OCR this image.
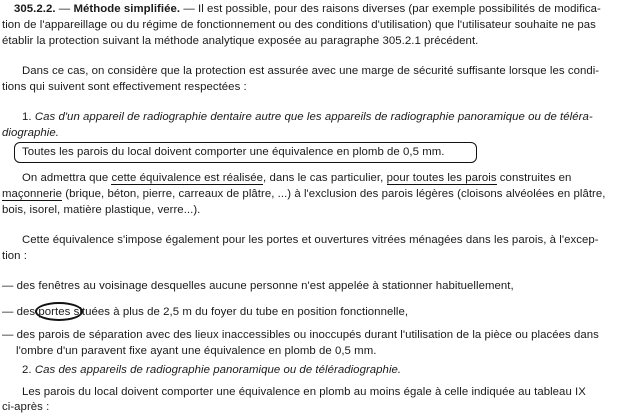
305.2.2. — Méthode simplifiée. — Il est possible, pour des raisons diverses (par exemple possibilités de modifica-
tion de l'appareillage ou du régime de fonctionnement ou des conditions d'utilisation) que l'utilisateur souhaite ne pas
établir la protection suivant la méthode analytique exposée au paragraphe 305.2.1 précédent.
Dans ce cas, on considère que la protection est assurée avec une marge de sécurité suffisante lorsque les condi-
tions qui suivent sont effectivement respectées :
1. Cas d'un appareil de radiographie dentaire autre que les appareils de radiographie panoramique ou de téléra-
diographie.
Toutes les parois du local doivent comporter une équivalence en plomb de 0,5 mm.
On admettra que cette équivalence est réalisée, dans le cas particulier, pour toutes les parois construites en
maçonnerie (brique, béton, pierre, carreaux de plâtre, ...) à l'exclusion des parois légères (cloisons alvéolées en plâtre,
bois, isorel, matière plastique, verre...).
Cette équivalence s'impose également pour les portes et ouvertures vitrées ménagées dans les parois, à l'excep-
tion :
— des fenêtres au voisinage desquelles aucune personne n'est appelée à stationner habituellement,
— des portes situées à plus de 2,5 m du foyer du tube en position fonctionnelle,
— des parois de séparation avec des lieux inaccessibles ou inoccupés durant l'utilisation de la pièce ou placées dans
l'ombre d'un paravent fixe ayant une équivalence en plomb de 0,5 mm.
2. Cas des appareils de radiographie panoramique ou de téléradiographie.
Les parois du local doivent comporter une équivalence en plomb au moins égale à celle indiquée au tableau IX
ci-après :
